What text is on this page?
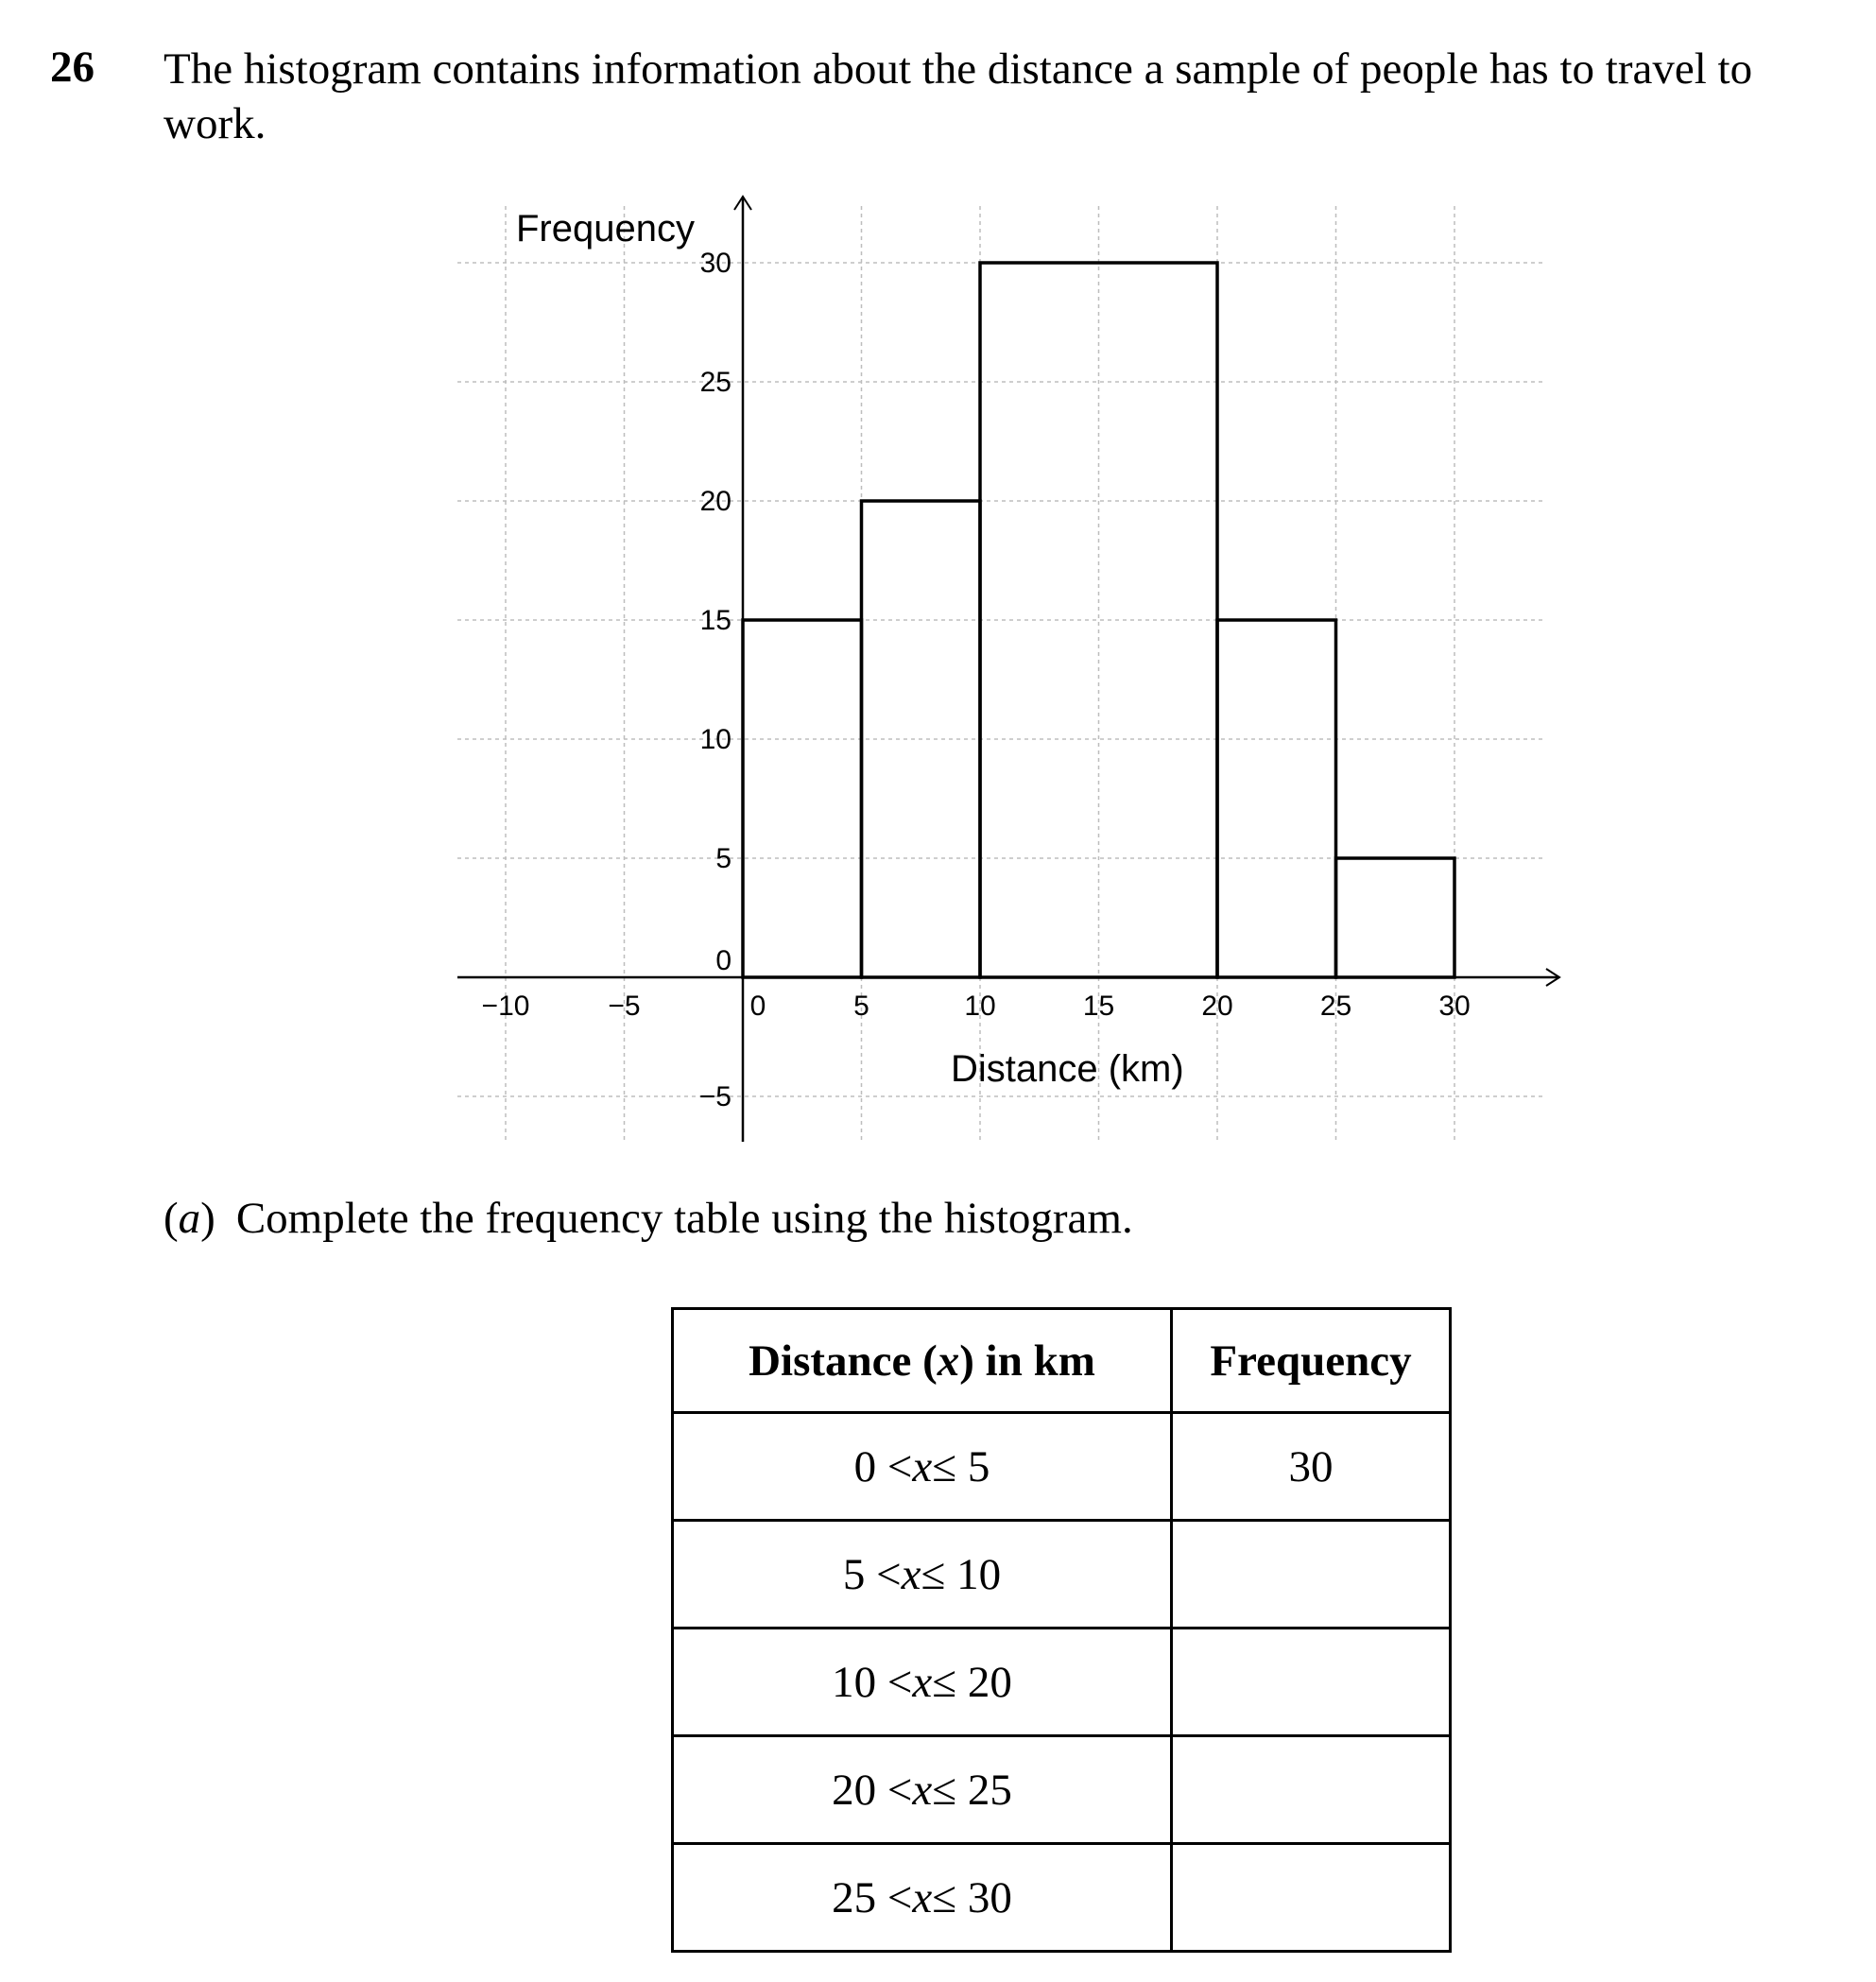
26 The histogram contains information about the distance a sample of people has to travel to work.
−10	−5	0	5	10	15	20	25	30
−5
0
5
10
15
20
25
30
Frequency
Distance (km)
(a) Complete the frequency table using the histogram.
Distance (x) in km	Frequency
0 <x≤ 5	30
5 <x≤ 10	
10 <x≤ 20	
20 <x≤ 25	
25 <x≤ 30	
